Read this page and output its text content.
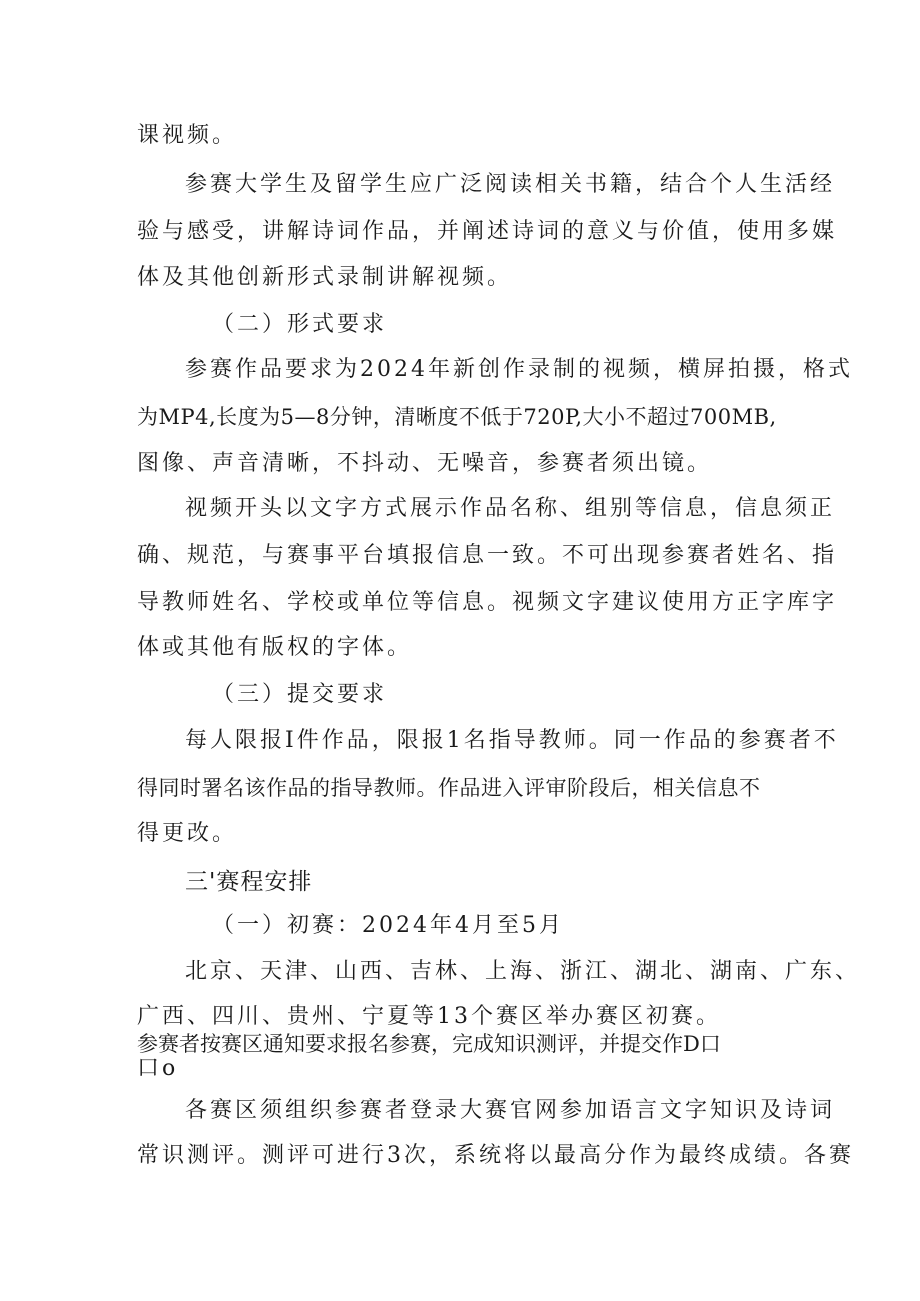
课视频。
参赛大学生及留学生应广泛阅读相关书籍，结合个人生活经
验与感受，讲解诗词作品，并阐述诗词的意义与价值，使用多媒
体及其他创新形式录制讲解视频。
（二）形式要求
参赛作品要求为2024年新创作录制的视频，横屏拍摄，格式
为MP4,长度为5—8分钟，清晰度不低于720P,大小不超过700MB,
图像、声音清晰，不抖动、无噪音，参赛者须出镜。
视频开头以文字方式展示作品名称、组别等信息，信息须正
确、规范，与赛事平台填报信息一致。不可出现参赛者姓名、指
导教师姓名、学校或单位等信息。视频文字建议使用方正字库字
体或其他有版权的字体。
（三）提交要求
每人限报I件作品，限报1名指导教师。同一作品的参赛者不
得同时署名该作品的指导教师。作品进入评审阶段后，相关信息不
得更改。
三'赛程安排
（一）初赛：2024年4月至5月
北京、天津、山西、吉林、上海、浙江、湖北、湖南、广东、
广西、四川、贵州、宁夏等13个赛区举办赛区初赛。
参赛者按赛区通知要求报名参赛，完成知识测评，并提交作D口
口o
各赛区须组织参赛者登录大赛官网参加语言文字知识及诗词
常识测评。测评可进行3次，系统将以最高分作为最终成绩。各赛
